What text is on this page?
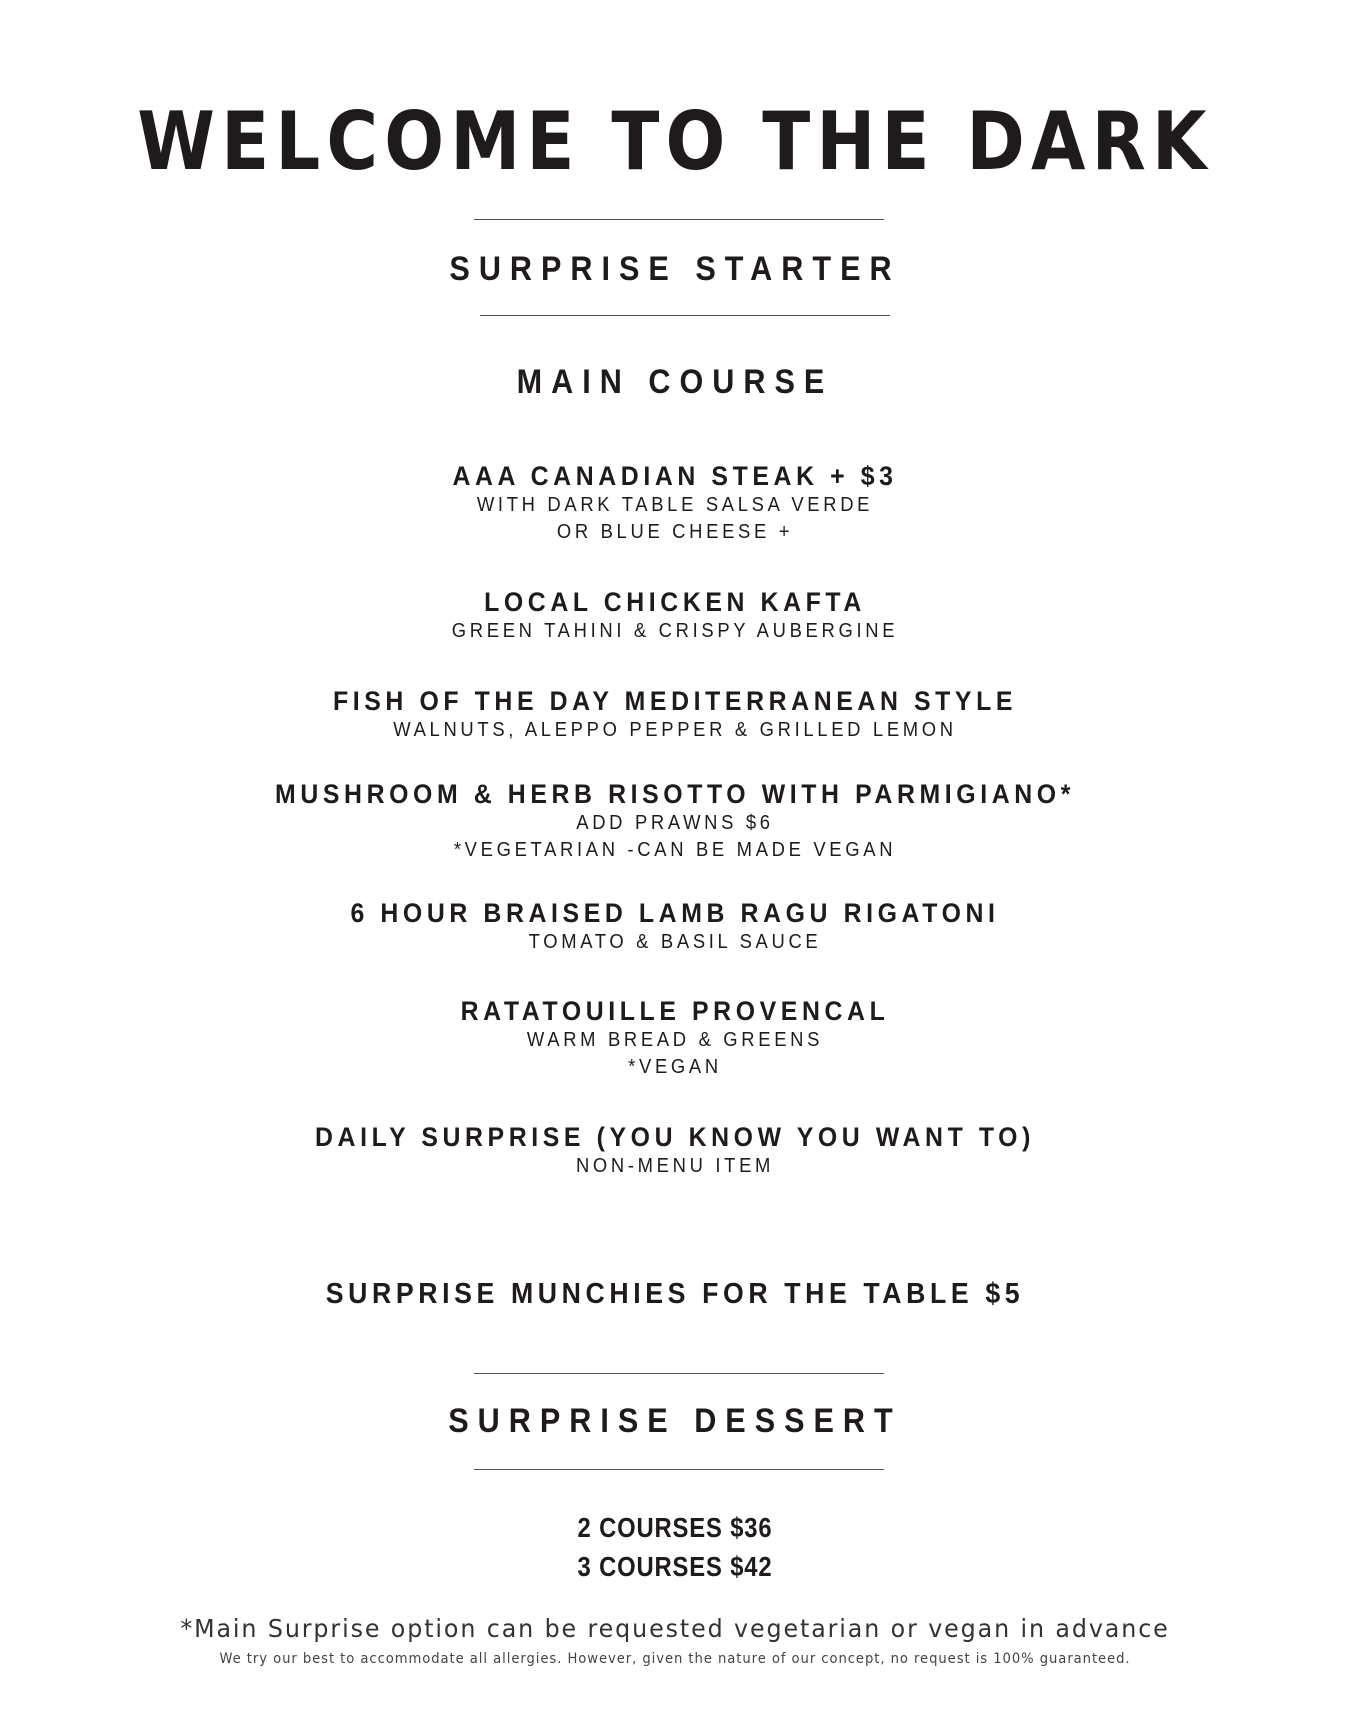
WELCOME TO THE DARK
SURPRISE STARTER
MAIN COURSE
AAA CANADIAN STEAK + $3
WITH DARK TABLE SALSA VERDE
OR BLUE CHEESE +
LOCAL CHICKEN KAFTA
GREEN TAHINI & CRISPY AUBERGINE
FISH OF THE DAY MEDITERRANEAN STYLE
WALNUTS, ALEPPO PEPPER & GRILLED LEMON
MUSHROOM & HERB RISOTTO WITH PARMIGIANO*
ADD PRAWNS $6
*VEGETARIAN -CAN BE MADE VEGAN
6 HOUR BRAISED LAMB RAGU RIGATONI
TOMATO & BASIL SAUCE
RATATOUILLE PROVENCAL
WARM BREAD & GREENS
*VEGAN
DAILY SURPRISE (YOU KNOW YOU WANT TO)
NON-MENU ITEM
SURPRISE MUNCHIES FOR THE TABLE $5
SURPRISE DESSERT
2 COURSES $36
3 COURSES $42
*Main Surprise option can be requested vegetarian or vegan in advance
We try our best to accommodate all allergies. However, given the nature of our concept, no request is 100% guaranteed.
